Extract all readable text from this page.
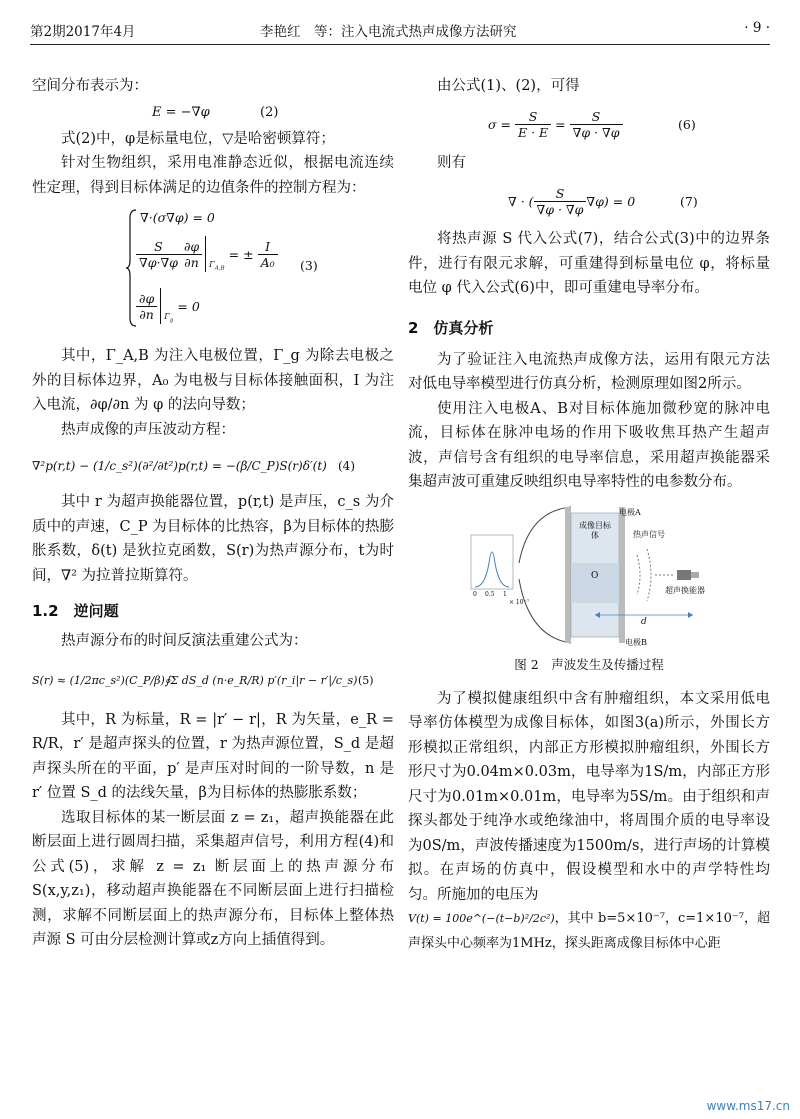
第2期2017年4月	李艳红　等：注入电流式热声成像方法研究	· 9 ·

空间分布表示为：

E = −∇φ	(2)

式(2)中，φ是标量电位，▽是哈密顿算符；

针对生物组织，采用电准静态近似，根据电流连续性定理，得到目标体满足的边值条件的控制方程为：

∇·(σ∇φ) = 0
$\frac{S}{\nabla\varphi\cdot\nabla\varphi} \frac{\partial\varphi}{\partial n} _{\Gamma_{A,B}}$
= ± $\frac{I}{\text{A₀}}$
$\frac{\partial\varphi}{\partial n} _{\Gamma_g}$
= 0
(3)

其中，Γ_A,B 为注入电极位置，Γ_g 为除去电极之外的目标体边界，A₀ 为电极与目标体接触面积，I 为注入电流，∂φ/∂n 为 φ 的法向导数；

热声成像的声压波动方程：

∇²p(r,t) − (1/c_s²)(∂²/∂t²)p(r,t) = −(β/C_P)S(r)δ′(t) (4)

其中 r 为超声换能器位置，p(r,t) 是声压，c_s 为介质中的声速，C_P 为目标体的比热容，β为目标体的热膨胀系数，δ(t) 是狄拉克函数，S(r)为热声源分布，t为时间，∇² 为拉普拉斯算符。

1.2　逆问题

热声源分布的时间反演法重建公式为：

S(r) ≈ (1/2πc_s²)(C_P/β)∮Σ dS_d (n·e_R/R) p′(r_i|r − r′|/c_s) (5)

其中，R 为标量，R = |r′ − r|，R 为矢量，e_R = R/R，r′ 是超声探头的位置，r 为热声源位置，S_d 是超声探头所在的平面，p′ 是声压对时间的一阶导数，n 是 r′ 位置 S_d 的法线矢量，β为目标体的热膨胀系数；

选取目标体的某一断层面 z = z₁，超声换能器在此断层面上进行圆周扫描，采集超声信号，利用方程(4)和公式(5)，求解 z = z₁ 断层面上的热声源分布 S(x,y,z₁)，移动超声换能器在不同断层面上进行扫描检测，求解不同断层面上的热声源分布，目标体上整体热声源 S 可由分层检测计算或z方向上插值得到。

由公式(1)、(2)，可得

$\sigma = \frac{S}{E \cdot E} = \frac{S}{\nabla\varphi \cdot \nabla\varphi}$	(6)

则有

∇ · ( $\frac{S}{\nabla\varphi \cdot \nabla\varphi} \nabla\varphi) = 0$	(7)

将热声源 S 代入公式(7)，结合公式(3)中的边界条件，进行有限元求解，可重建得到标量电位 φ，将标量电位 φ 代入公式(6)中，即可重建电导率分布。

2　仿真分析

为了验证注入电流热声成像方法，运用有限元方法对低电导率模型进行仿真分析，检测原理如图2所示。

使用注入电极A、B对目标体施加微秒宽的脉冲电流，目标体在脉冲电场的作用下吸收焦耳热产生超声波，声信号含有组织的电导率信息，采用超声换能器采集超声波可重建反映组织电导率特性的电参数分布。

电极A
电极B
成像目标体	热声信号
超声换能器
O
d
0 0.5 1
× 10⁻⁷
图 2　声波发生及传播过程

为了模拟健康组织中含有肿瘤组织，本文采用低电导率仿体模型为成像目标体，如图3(a)所示，外围长方形模拟正常组织，内部正方形模拟肿瘤组织，外围长方形尺寸为0.04m×0.03m，电导率为1S/m，内部正方形尺寸为0.01m×0.01m，电导率为5S/m。由于组织和声探头都处于纯净水或绝缘油中，将周围介质的电导率设为0S/m，声波传播速度为1500m/s，进行声场的计算模拟。在声场的仿真中，假设模型和水中的声学特性均匀。所施加的电压为

V(t) = 100e^(−(t−b)²/2c²)，其中 b=5×10⁻⁷，c=1×10⁻⁷，超声探头中心频率为1MHz，探头距离成像目标体中心距

www.ms17.cn
